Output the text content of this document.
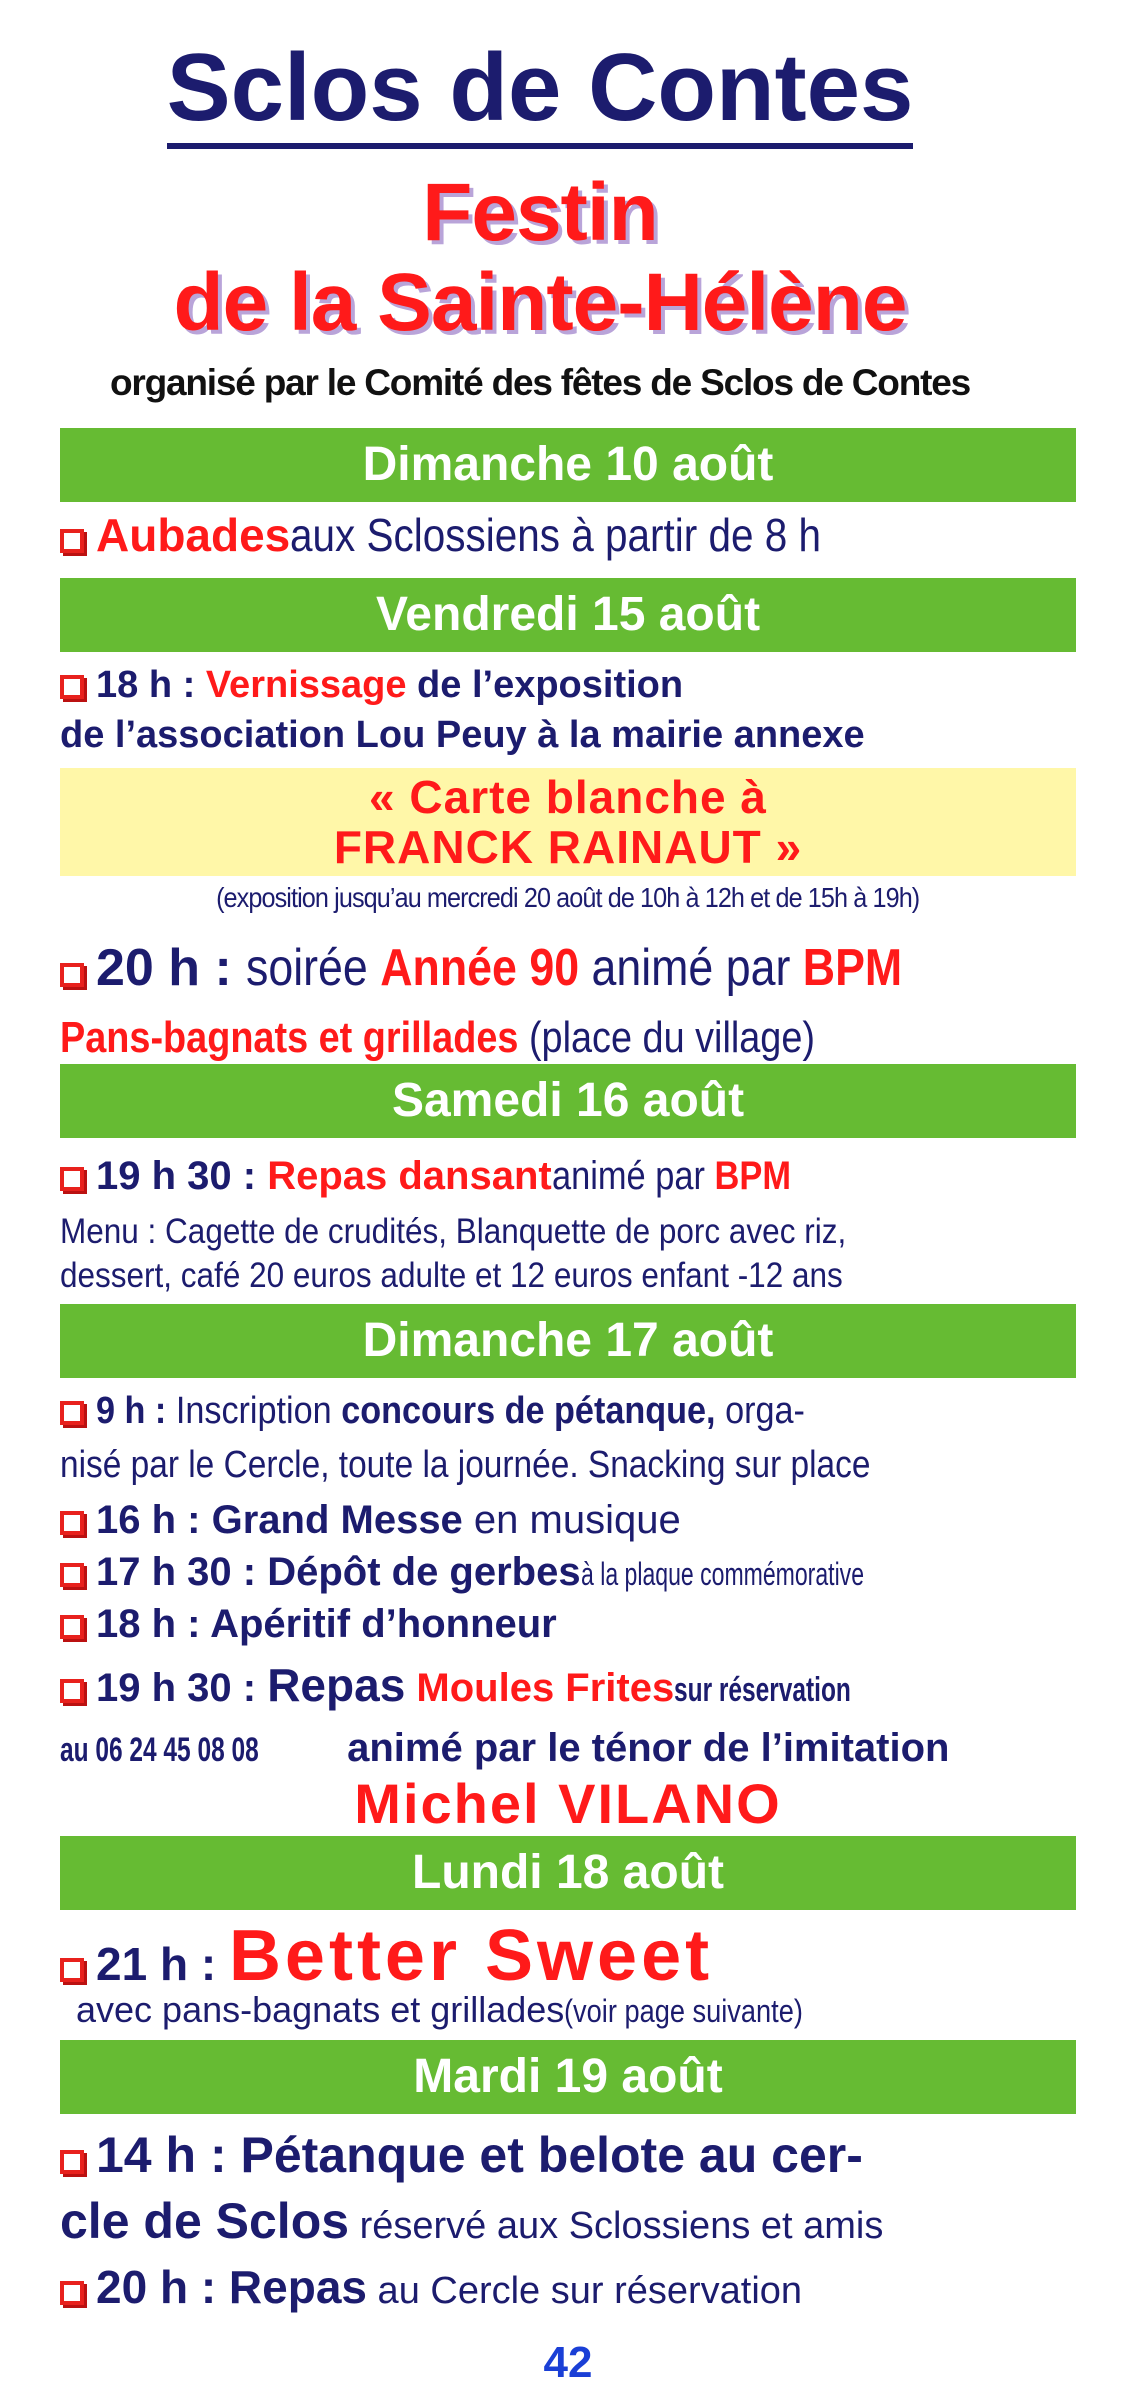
Sclos de Contes
Festin
de la Sainte-Hélène
organisé par le Comité des fêtes de Sclos de Contes
Dimanche 10 août
Aubadesaux Sclossiens à partir de 8 h
Vendredi 15 août
18 h : Vernissage de l’exposition
de l’association Lou Peuy à la mairie annexe
« Carte blanche à
FRANCK RAINAUT »
(exposition jusqu’au mercredi 20 août de 10h à 12h et de 15h à 19h)
20 h : soirée Année 90 animé par BPM
Pans-bagnats et grillades (place du village)
Samedi 16 août
19 h 30 : Repas dansantanimé par BPM
Menu : Cagette de crudités, Blanquette de porc avec riz,
dessert, café 20 euros adulte et 12 euros enfant -12 ans
Dimanche 17 août
9 h : Inscription concours de pétanque, orga-
nisé par le Cercle, toute la journée. Snacking sur place
16 h : Grand Messe en musique
17 h 30 : Dépôt de gerbesà la plaque commémorative
18 h : Apéritif d’honneur
19 h 30 : Repas Moules Fritessur réservation
au 06 24 45 08 08 animé par le ténor de l’imitation
Michel VILANO
Lundi 18 août
21 h : Better Sweet
avec pans-bagnats et grillades(voir page suivante)
Mardi 19 août
14 h : Pétanque et belote au cer-
cle de Sclos réservé aux Sclossiens et amis
20 h : Repas au Cercle sur réservation
42
